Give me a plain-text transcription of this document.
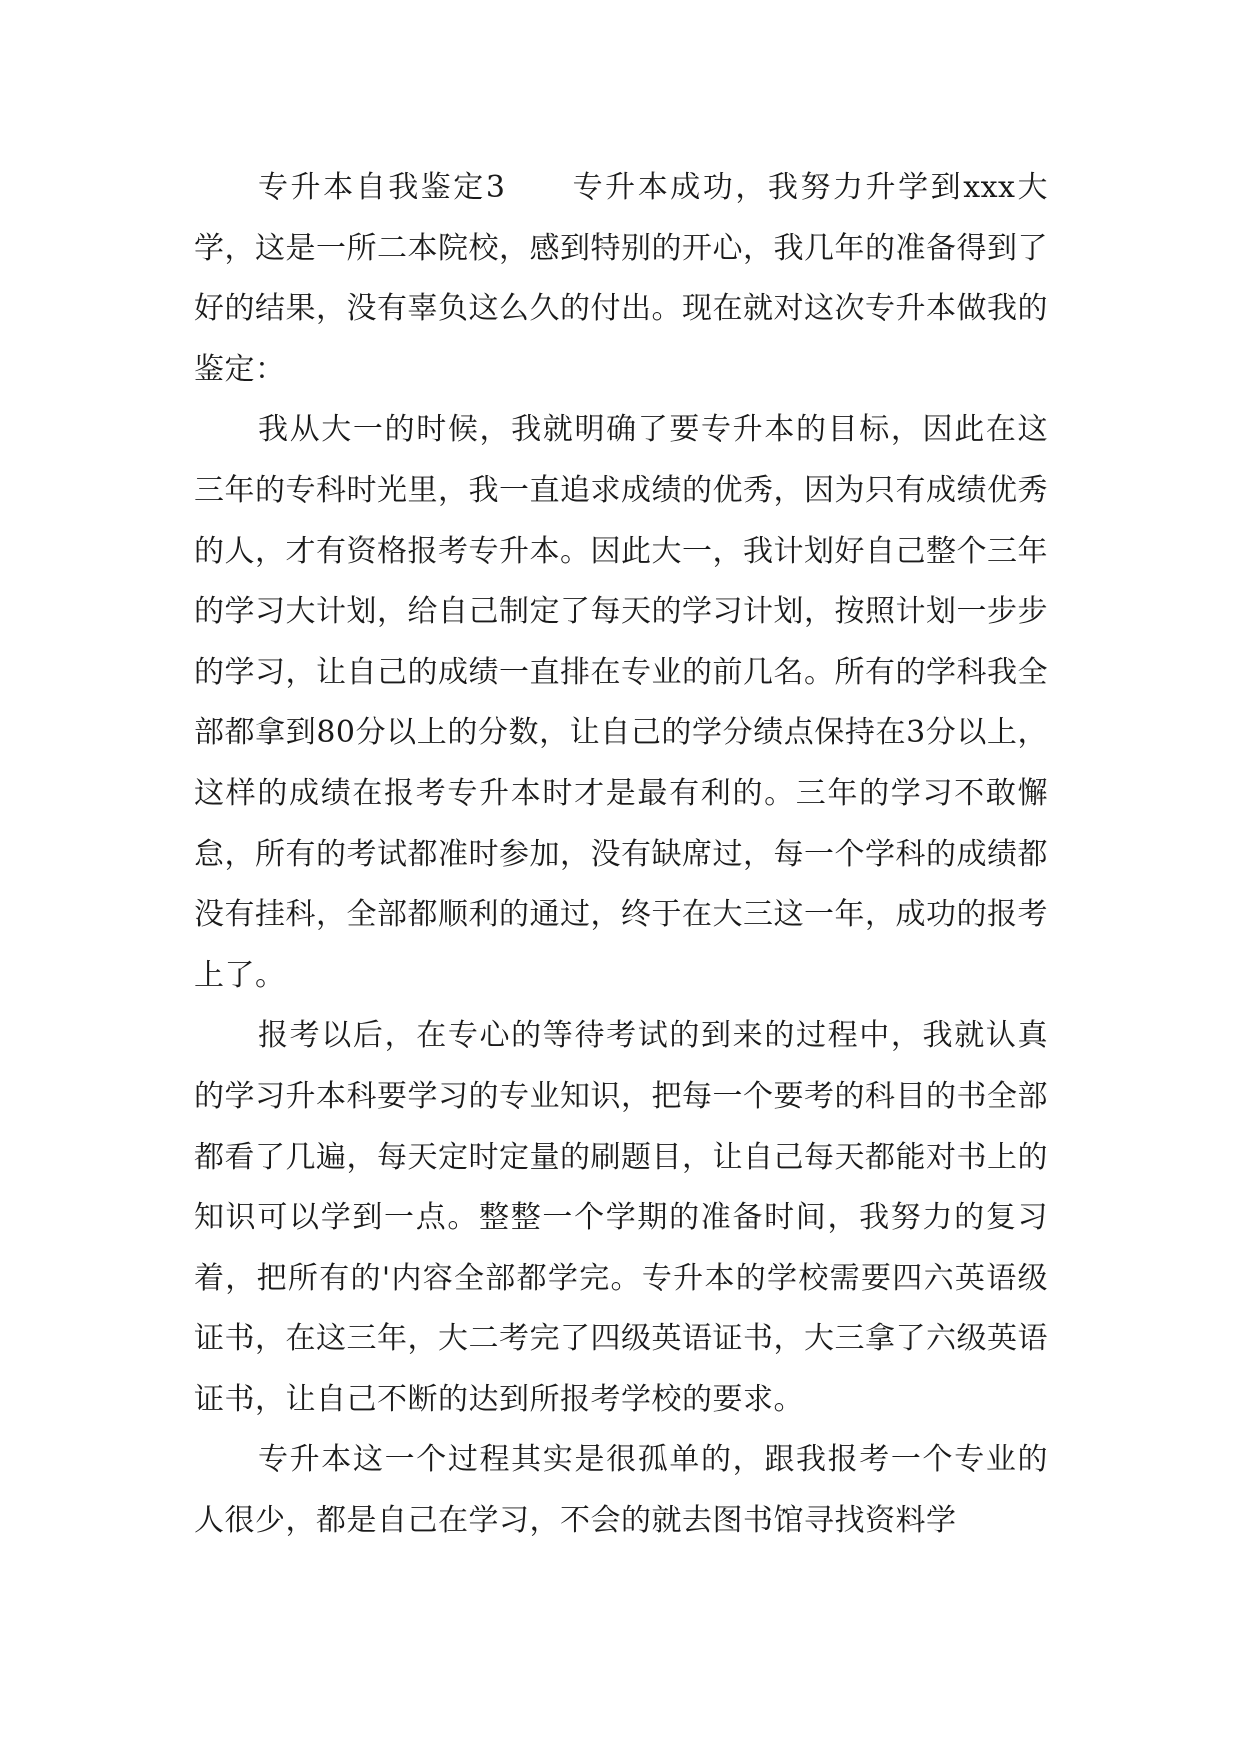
专升本自我鉴定3　　专升本成功，我努力升学到xxx大学，这是一所二本院校，感到特别的开心，我几年的准备得到了好的结果，没有辜负这么久的付出。现在就对这次专升本做我的鉴定：

我从大一的时候，我就明确了要专升本的目标，因此在这三年的专科时光里，我一直追求成绩的优秀，因为只有成绩优秀的人，才有资格报考专升本。因此大一，我计划好自己整个三年的学习大计划，给自己制定了每天的学习计划，按照计划一步步的学习，让自己的成绩一直排在专业的前几名。所有的学科我全部都拿到80分以上的分数，让自己的学分绩点保持在3分以上，这样的成绩在报考专升本时才是最有利的。三年的学习不敢懈怠，所有的考试都准时参加，没有缺席过，每一个学科的成绩都没有挂科，全部都顺利的通过，终于在大三这一年，成功的报考上了。

报考以后，在专心的等待考试的到来的过程中，我就认真的学习升本科要学习的专业知识，把每一个要考的科目的书全部都看了几遍，每天定时定量的刷题目，让自己每天都能对书上的知识可以学到一点。整整一个学期的准备时间，我努力的复习着，把所有的'内容全部都学完。专升本的学校需要四六英语级证书，在这三年，大二考完了四级英语证书，大三拿了六级英语证书，让自己不断的达到所报考学校的要求。

专升本这一个过程其实是很孤单的，跟我报考一个专业的人很少，都是自己在学习，不会的就去图书馆寻找资料学
